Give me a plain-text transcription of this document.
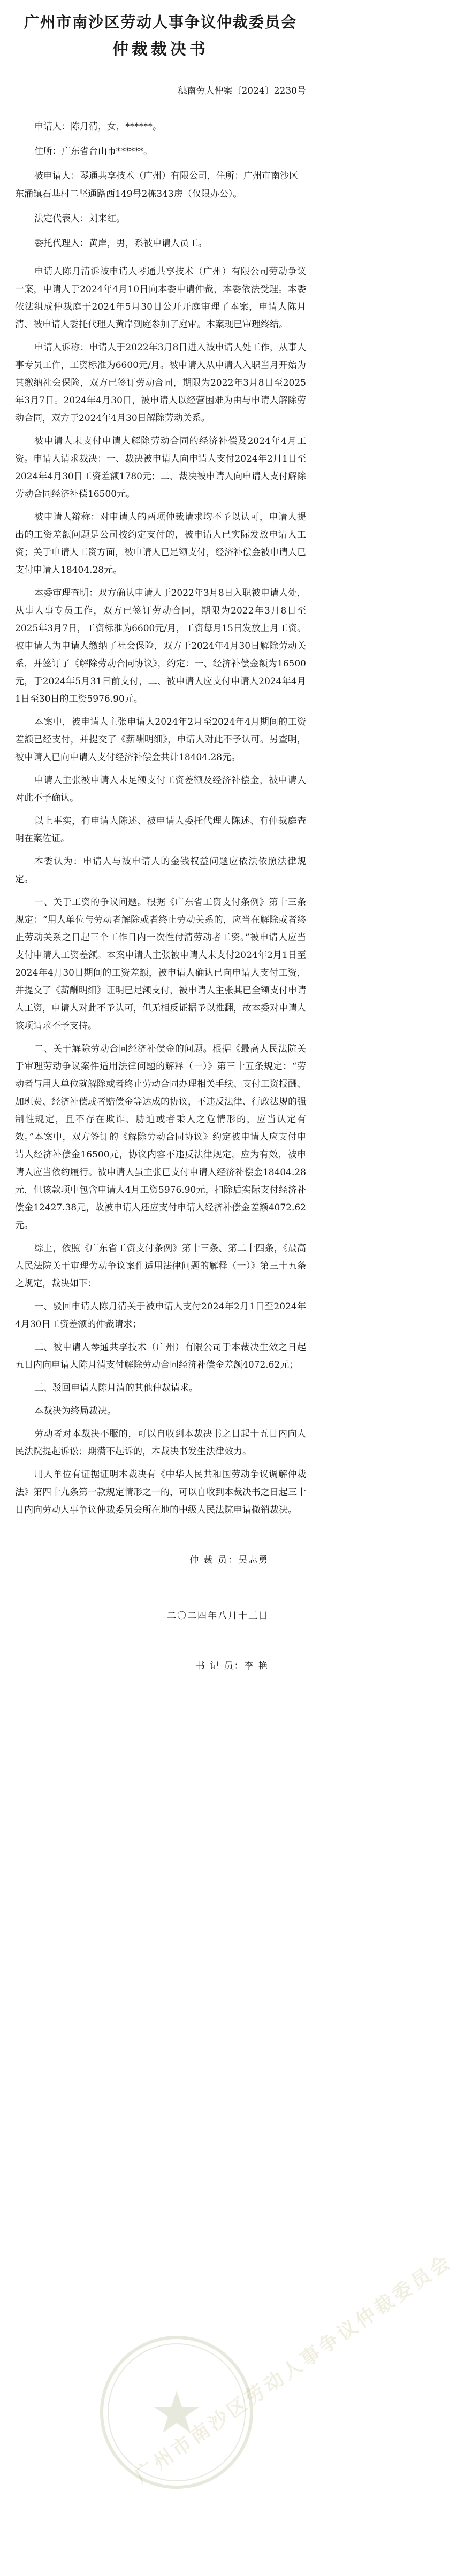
广州市南沙区劳动人事争议仲裁委员会
仲裁裁决书
穗南劳人仲案〔2024〕2230号

申请人：陈月清，女，******。

住所：广东省台山市******。

被申请人：琴通共享技术（广州）有限公司，住所：广州市南沙区东涌镇石基村二坚通路西149号2栋343房（仅限办公）。

法定代表人：刘来红。

委托代理人：黄岸，男，系被申请人员工。

申请人陈月清诉被申请人琴通共享技术（广州）有限公司劳动争议一案，申请人于2024年4月10日向本委申请仲裁，本委依法受理。本委依法组成仲裁庭于2024年5月30日公开开庭审理了本案，申请人陈月清、被申请人委托代理人黄岸到庭参加了庭审。本案现已审理终结。

申请人诉称：申请人于2022年3月8日进入被申请人处工作，从事人事专员工作，工资标准为6600元/月。被申请人从申请人入职当月开始为其缴纳社会保险，双方已签订劳动合同，期限为2022年3月8日至2025年3月7日。2024年4月30日，被申请人以经营困难为由与申请人解除劳动合同，双方于2024年4月30日解除劳动关系。

被申请人未支付申请人解除劳动合同的经济补偿及2024年4月工资。申请人请求裁决：一、裁决被申请人向申请人支付2024年2月1日至2024年4月30日工资差额1780元；二、裁决被申请人向申请人支付解除劳动合同经济补偿16500元。

被申请人辩称：对申请人的两项仲裁请求均不予以认可，申请人提出的工资差额问题是公司按约定支付的，被申请人已实际发放申请人工资；关于申请人工资方面，被申请人已足额支付，经济补偿金被申请人已支付申请人18404.28元。

本委审理查明：双方确认申请人于2022年3月8日入职被申请人处，从事人事专员工作，双方已签订劳动合同，期限为2022年3月8日至2025年3月7日，工资标准为6600元/月，工资每月15日发放上月工资。被申请人为申请人缴纳了社会保险，双方于2024年4月30日解除劳动关系，并签订了《解除劳动合同协议》，约定：一、经济补偿金额为16500元，于2024年5月31日前支付，二、被申请人应支付申请人2024年4月1日至30日的工资5976.90元。

本案中，被申请人主张申请人2024年2月至2024年4月期间的工资差额已经支付，并提交了《薪酬明细》，申请人对此不予认可。另查明，被申请人已向申请人支付经济补偿金共计18404.28元。

申请人主张被申请人未足额支付工资差额及经济补偿金，被申请人对此不予确认。

以上事实，有申请人陈述、被申请人委托代理人陈述、有仲裁庭查明在案佐证。

本委认为：申请人与被申请人的金钱权益问题应依法依照法律规定。

一、关于工资的争议问题。根据《广东省工资支付条例》第十三条规定：“用人单位与劳动者解除或者终止劳动关系的，应当在解除或者终止劳动关系之日起三个工作日内一次性付清劳动者工资。”被申请人应当支付申请人工资差额。本案申请人主张被申请人未支付2024年2月1日至2024年4月30日期间的工资差额，被申请人确认已向申请人支付工资，并提交了《薪酬明细》证明已足额支付，被申请人主张其已全额支付申请人工资，申请人对此不予认可，但无相反证据予以推翻，故本委对申请人该项请求不予支持。

二、关于解除劳动合同经济补偿金的问题。根据《最高人民法院关于审理劳动争议案件适用法律问题的解释（一）》第三十五条规定：“劳动者与用人单位就解除或者终止劳动合同办理相关手续、支付工资报酬、加班费、经济补偿或者赔偿金等达成的协议，不违反法律、行政法规的强制性规定，且不存在欺诈、胁迫或者乘人之危情形的，应当认定有效。”本案中，双方签订的《解除劳动合同协议》约定被申请人应支付申请人经济补偿金16500元，协议内容不违反法律规定，应为有效，被申请人应当依约履行。被申请人虽主张已支付申请人经济补偿金18404.28元，但该款项中包含申请人4月工资5976.90元，扣除后实际支付经济补偿金12427.38元，故被申请人还应支付申请人经济补偿金差额4072.62元。

综上，依照《广东省工资支付条例》第十三条、第二十四条，《最高人民法院关于审理劳动争议案件适用法律问题的解释（一）》第三十五条之规定，裁决如下：

一、驳回申请人陈月清关于被申请人支付2024年2月1日至2024年4月30日工资差额的仲裁请求；

二、被申请人琴通共享技术（广州）有限公司于本裁决生效之日起五日内向申请人陈月清支付解除劳动合同经济补偿金差额4072.62元；

三、驳回申请人陈月清的其他仲裁请求。

本裁决为终局裁决。

劳动者对本裁决不服的，可以自收到本裁决书之日起十五日内向人民法院提起诉讼；期满不起诉的，本裁决书发生法律效力。

用人单位有证据证明本裁决有《中华人民共和国劳动争议调解仲裁法》第四十九条第一款规定情形之一的，可以自收到本裁决书之日起三十日内向劳动人事争议仲裁委员会所在地的中级人民法院申请撤销裁决。

仲 裁 员：吴志勇
二〇二四年八月十三日
书 记 员：李 艳
广州市南沙区劳动人事争议仲裁委员会
